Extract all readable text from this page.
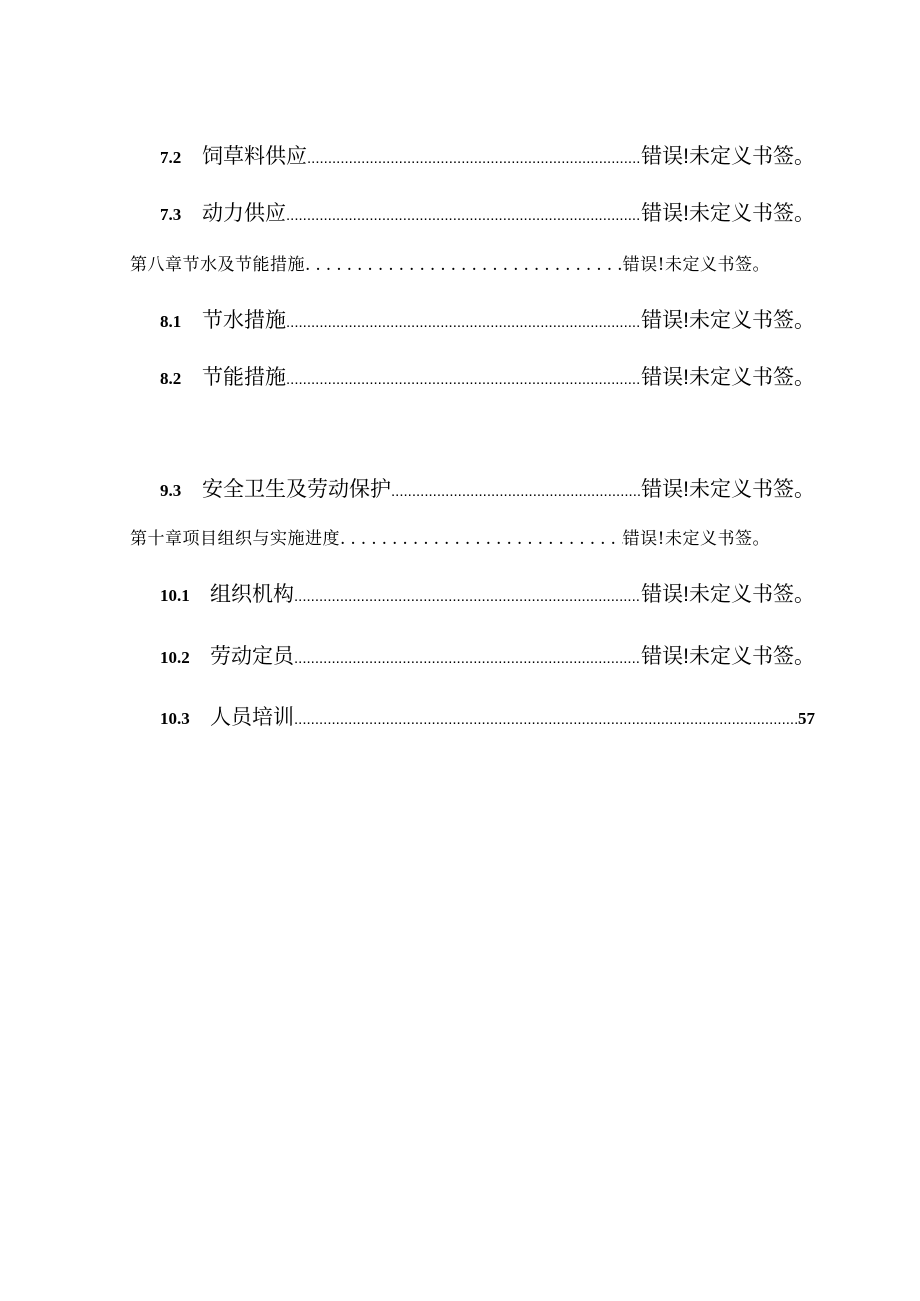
7.2 饲草料供应 .....	错误!未定义书签。
7.3 动力供应 .....	错误!未定义书签。
第八章节水及节能措施 .....	错误!未定义书签。
8.1 节水措施 .....	错误!未定义书签。
8.2 节能措施 .....	错误!未定义书签。
9.3 安全卫生及劳动保护 .....	错误!未定义书签。
第十章项目组织与实施进度 .....	错误!未定义书签。
10.1 组织机构 .....	错误!未定义书签。
10.2 劳动定员 .....	错误!未定义书签。
10.3 人员培训 .....	57
